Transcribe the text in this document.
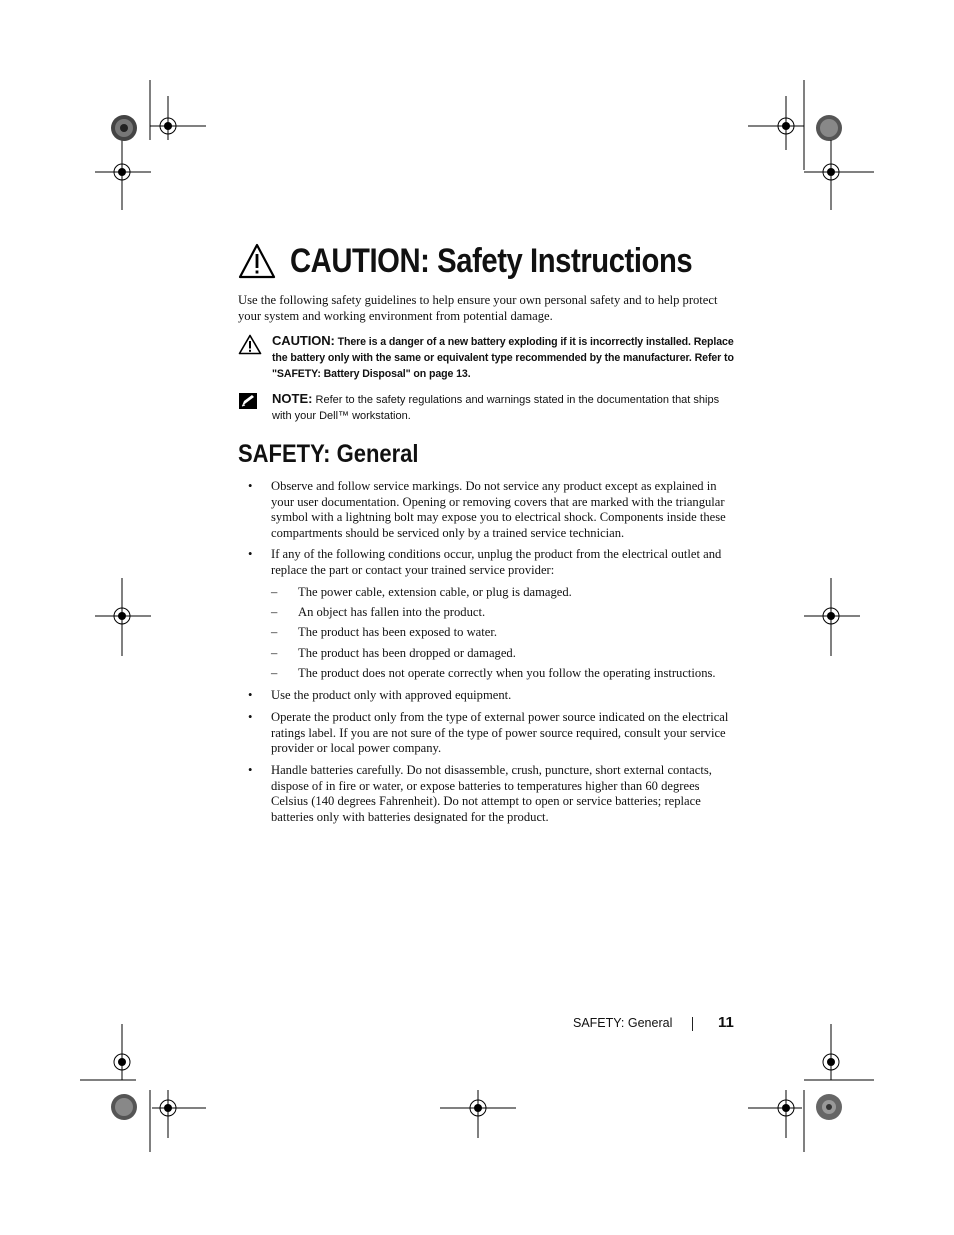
CAUTION: Safety Instructions
Use the following safety guidelines to help ensure your own personal safety and to help protect your system and working environment from potential damage.
CAUTION: There is a danger of a new battery exploding if it is incorrectly installed. Replace the battery only with the same or equivalent type recommended by the manufacturer. Refer to "SAFETY: Battery Disposal" on page 13.
NOTE: Refer to the safety regulations and warnings stated in the documentation that ships with your Dell™ workstation.
SAFETY: General
• Observe and follow service markings. Do not service any product except as explained in your user documentation. Opening or removing covers that are marked with the triangular symbol with a lightning bolt may expose you to electrical shock. Components inside these compartments should be serviced only by a trained service technician.
• If any of the following conditions occur, unplug the product from the electrical outlet and replace the part or contact your trained service provider:
– The power cable, extension cable, or plug is damaged.
– An object has fallen into the product.
– The product has been exposed to water.
– The product has been dropped or damaged.
– The product does not operate correctly when you follow the operating instructions.
• Use the product only with approved equipment.
• Operate the product only from the type of external power source indicated on the electrical ratings label. If you are not sure of the type of power source required, consult your service provider or local power company.
• Handle batteries carefully. Do not disassemble, crush, puncture, short external contacts, dispose of in fire or water, or expose batteries to temperatures higher than 60 degrees Celsius (140 degrees Fahrenheit). Do not attempt to open or service batteries; replace batteries only with batteries designated for the product.
SAFETY: General	11
